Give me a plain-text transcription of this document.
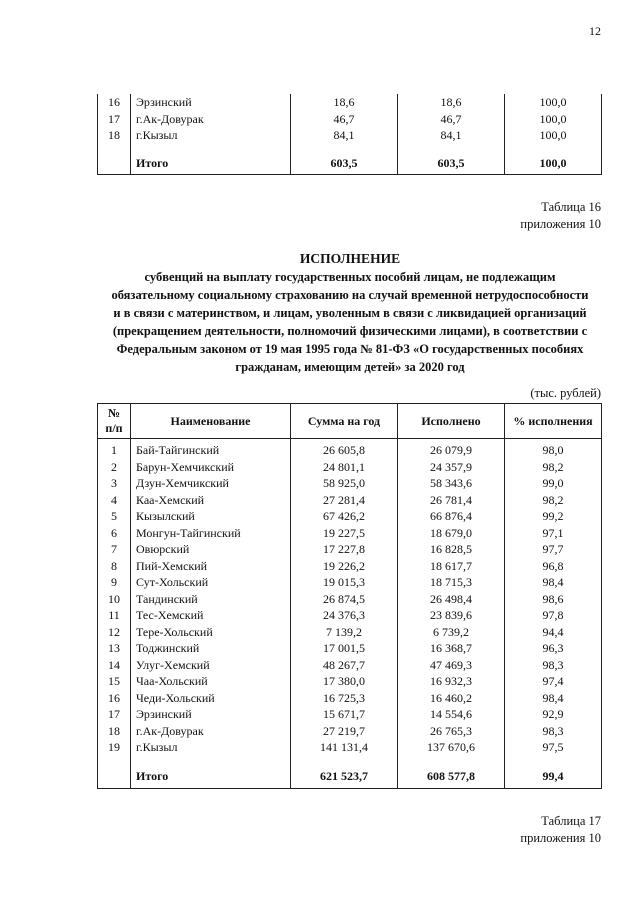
12
16	Эрзинский	18,6	18,6	100,0
17	г.Ак-Довурак	46,7	46,7	100,0
18	г.Кызыл	84,1	84,1	100,0

	Итого	603,5	603,5	100,0
Таблица 16
приложения 10
ИСПОЛНЕНИЕ
субвенций на выплату государственных пособий лицам, не подлежащим
обязательному социальному страхованию на случай временной нетрудоспособности
и в связи с материнством, и лицам, уволенным в связи с ликвидацией организаций
(прекращением деятельности, полномочий физическими лицами), в соответствии с
Федеральным законом от 19 мая 1995 года № 81-ФЗ «О государственных пособиях
гражданам, имеющим детей» за 2020 год
(тыс. рублей)
№
п/п	Наименование	Сумма на год	Исполнено	% исполнения
1	Бай-Тайгинский	26 605,8	26 079,9	98,0
2	Барун-Хемчикский	24 801,1	24 357,9	98,2
3	Дзун-Хемчикский	58 925,0	58 343,6	99,0
4	Каа-Хемский	27 281,4	26 781,4	98,2
5	Кызылский	67 426,2	66 876,4	99,2
6	Монгун-Тайгинский	19 227,5	18 679,0	97,1
7	Овюрский	17 227,8	16 828,5	97,7
8	Пий-Хемский	19 226,2	18 617,7	96,8
9	Сут-Хольский	19 015,3	18 715,3	98,4
10	Тандинский	26 874,5	26 498,4	98,6
11	Тес-Хемский	24 376,3	23 839,6	97,8
12	Тере-Хольский	7 139,2	6 739,2	94,4
13	Тоджинский	17 001,5	16 368,7	96,3
14	Улуг-Хемский	48 267,7	47 469,3	98,3
15	Чаа-Хольский	17 380,0	16 932,3	97,4
16	Чеди-Хольский	16 725,3	16 460,2	98,4
17	Эрзинский	15 671,7	14 554,6	92,9
18	г.Ак-Довурак	27 219,7	26 765,3	98,3
19	г.Кызыл	141 131,4	137 670,6	97,5

	Итого	621 523,7	608 577,8	99,4
Таблица 17
приложения 10
